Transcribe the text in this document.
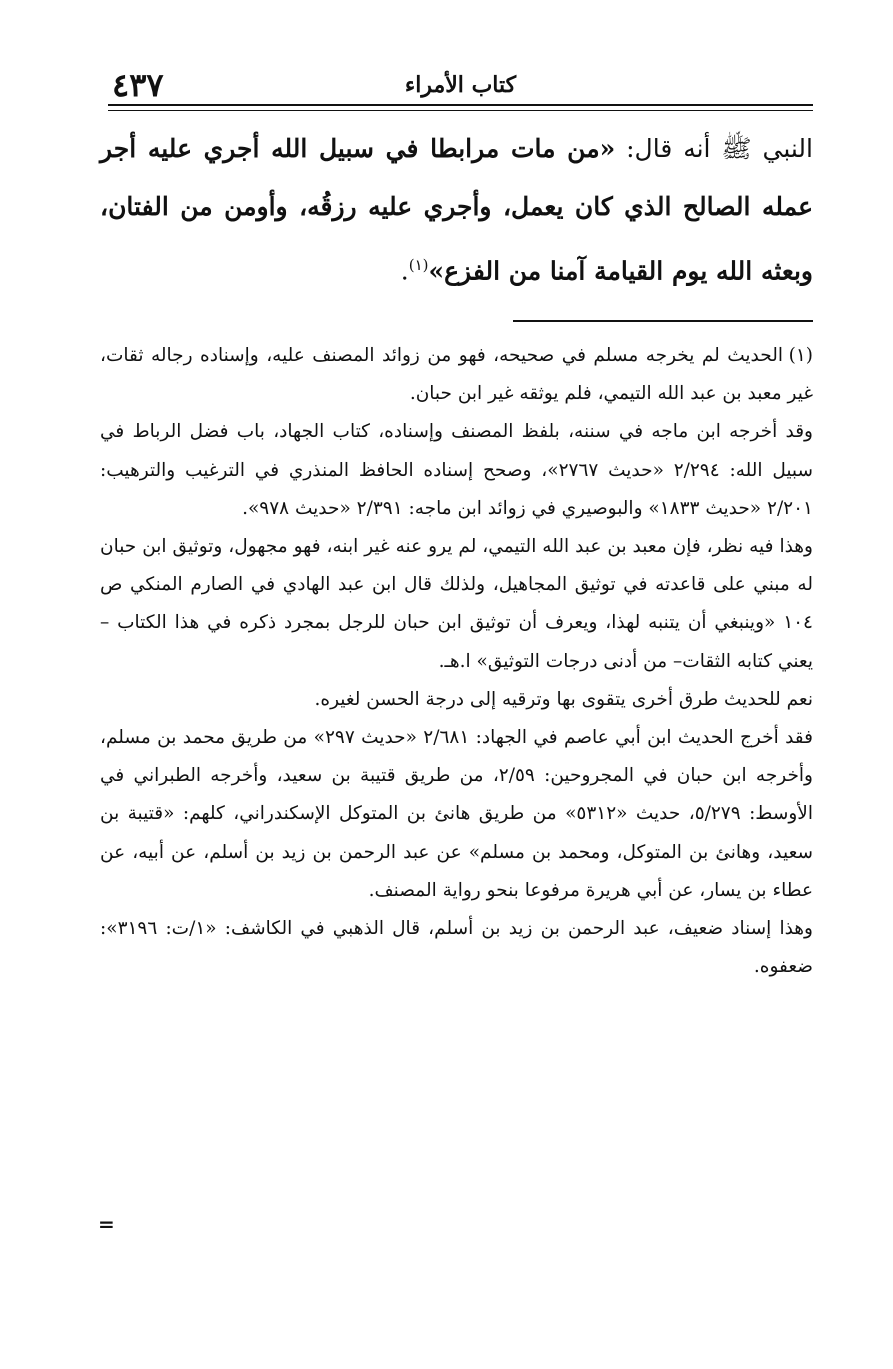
٤٣٧	كتاب الأمراء
النبي ﷺ أنه قال: «من مات مرابطا في سبيل الله أجري عليه أجر عمله الصالح الذي كان يعمل، وأجري عليه رزقُه، وأومن من الفتان، وبعثه الله يوم القيامة آمنا من الفزع»$^{(١)}$.

(١)الحديث لم يخرجه مسلم في صحيحه، فهو من زوائد المصنف عليه، وإسناده رجاله ثقات، غير معبد بن عبد الله التيمي، فلم يوثقه غير ابن حبان.

وقد أخرجه ابن ماجه في سننه، بلفظ المصنف وإسناده، كتاب الجهاد، باب فضل الرباط في سبيل الله: ٢/٢٩٤ «حديث ٢٧٦٧»، وصحح إسناده الحافظ المنذري في الترغيب والترهيب: ٢/٢٠١ «حديث ١٨٣٣» والبوصيري في زوائد ابن ماجه: ٢/٣٩١ «حديث ٩٧٨».

وهذا فيه نظر، فإن معبد بن عبد الله التيمي، لم يرو عنه غير ابنه، فهو مجهول، وتوثيق ابن حبان له مبني على قاعدته في توثيق المجاهيل، ولذلك قال ابن عبد الهادي في الصارم المنكي ص ١٠٤ «وينبغي أن يتنبه لهذا، ويعرف أن توثيق ابن حبان للرجل بمجرد ذكره في هذا الكتاب –يعني كتابه الثقات– من أدنى درجات التوثيق» ا.هـ.

نعم للحديث طرق أخرى يتقوى بها وترقيه إلى درجة الحسن لغيره.

فقد أخرج الحديث ابن أبي عاصم في الجهاد: ٢/٦٨١ «حديث ٢٩٧» من طريق محمد بن مسلم، وأخرجه ابن حبان في المجروحين: ٢/٥٩، من طريق قتيبة بن سعيد، وأخرجه الطبراني في الأوسط: ٥/٢٧٩، حديث «٥٣١٢» من طريق هانئ بن المتوكل الإسكندراني، كلهم: «قتيبة بن سعيد، وهانئ بن المتوكل، ومحمد بن مسلم» عن عبد الرحمن بن زيد بن أسلم، عن أبيه، عن عطاء بن يسار، عن أبي هريرة مرفوعا بنحو رواية المصنف.

وهذا إسناد ضعيف، عبد الرحمن بن زيد بن أسلم، قال الذهبي في الكاشف: «١/ت: ٣١٩٦»: ضعفوه.

=
